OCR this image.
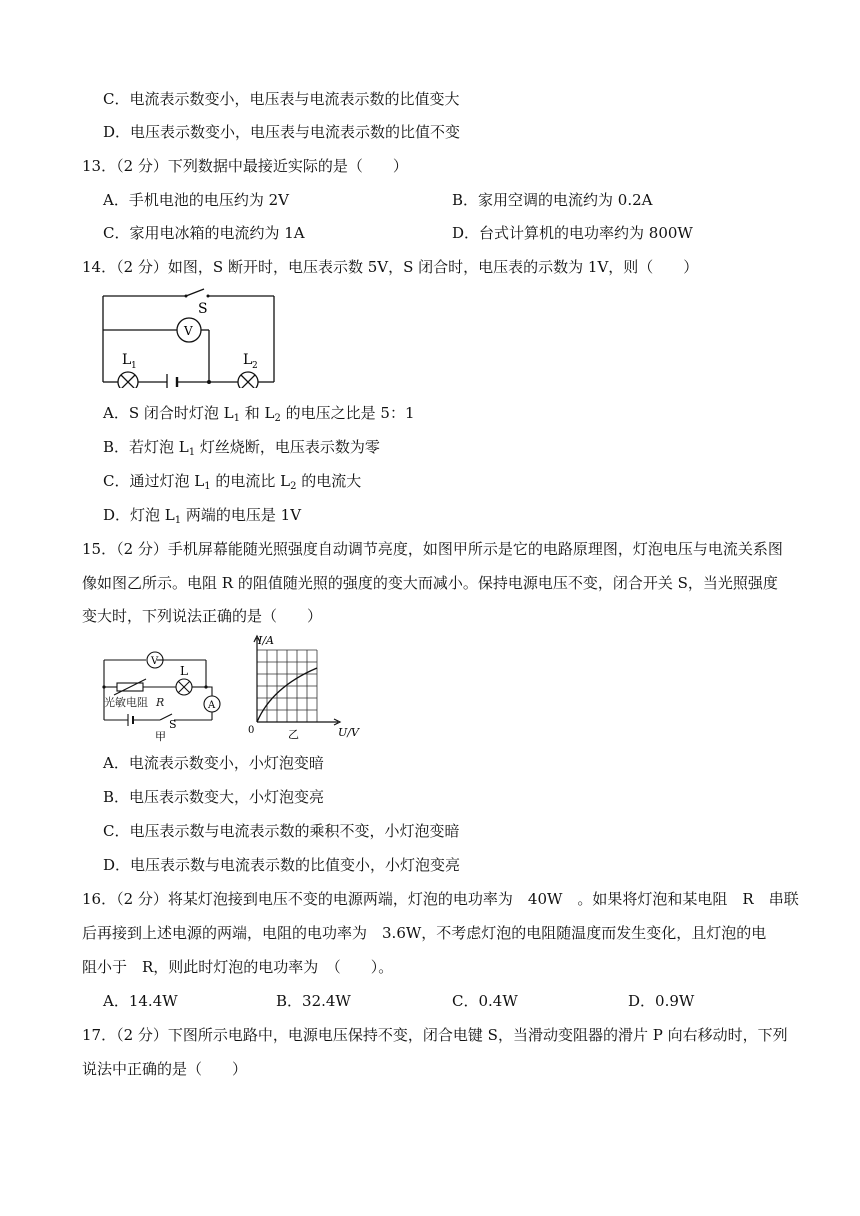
C．电流表示数变小，电压表与电流表示数的比值变大
D．电压表示数变小，电压表与电流表示数的比值不变
13．（2 分）下列数据中最接近实际的是（　　）
A．手机电池的电压约为 2V	B．家用空调的电流约为 0.2A
C．家用电冰箱的电流约为 1A	D．台式计算机的电功率约为 800W
14．（2 分）如图，S 断开时，电压表示数 5V，S 闭合时，电压表的示数为 1V，则（　　）
S
V
L 1	L 2
A．S 闭合时灯泡 $L_1$ 和 $L_2$ 的电压之比是 5：1
B．若灯泡 $L_1$ 灯丝烧断，电压表示数为零
C．通过灯泡 $L_1$ 的电流比 $L_2$ 的电流大
D．灯泡 $L_1$ 两端的电压是 1V
15．（2 分）手机屏幕能随光照强度自动调节亮度，如图甲所示是它的电路原理图，灯泡电压与电流关系图
像如图乙所示。电阻 R 的阻值随光照的强度的变大而减小。保持电源电压不变，闭合开关 S，当光照强度
变大时，下列说法正确的是（　　）
V
L
A
光敏电阻 R
S
甲
I/A
U/V
0	乙
A．电流表示数变小，小灯泡变暗
B．电压表示数变大，小灯泡变亮
C．电压表示数与电流表示数的乘积不变，小灯泡变暗
D．电压表示数与电流表示数的比值变小，小灯泡变亮
16．（2 分）将某灯泡接到电压不变的电源两端，灯泡的电功率为　40W　。如果将灯泡和某电阻　R　串联
后再接到上述电源的两端，电阻的电功率为　3.6W，不考虑灯泡的电阻随温度而发生变化，且灯泡的电
阻小于　R，则此时灯泡的电功率为　（　　）。
A．14.4W	B．32.4W	C．0.4W	D．0.9W
17．（2 分）下图所示电路中，电源电压保持不变，闭合电键 S，当滑动变阻器的滑片 P 向右移动时，下列
说法中正确的是（　　）
